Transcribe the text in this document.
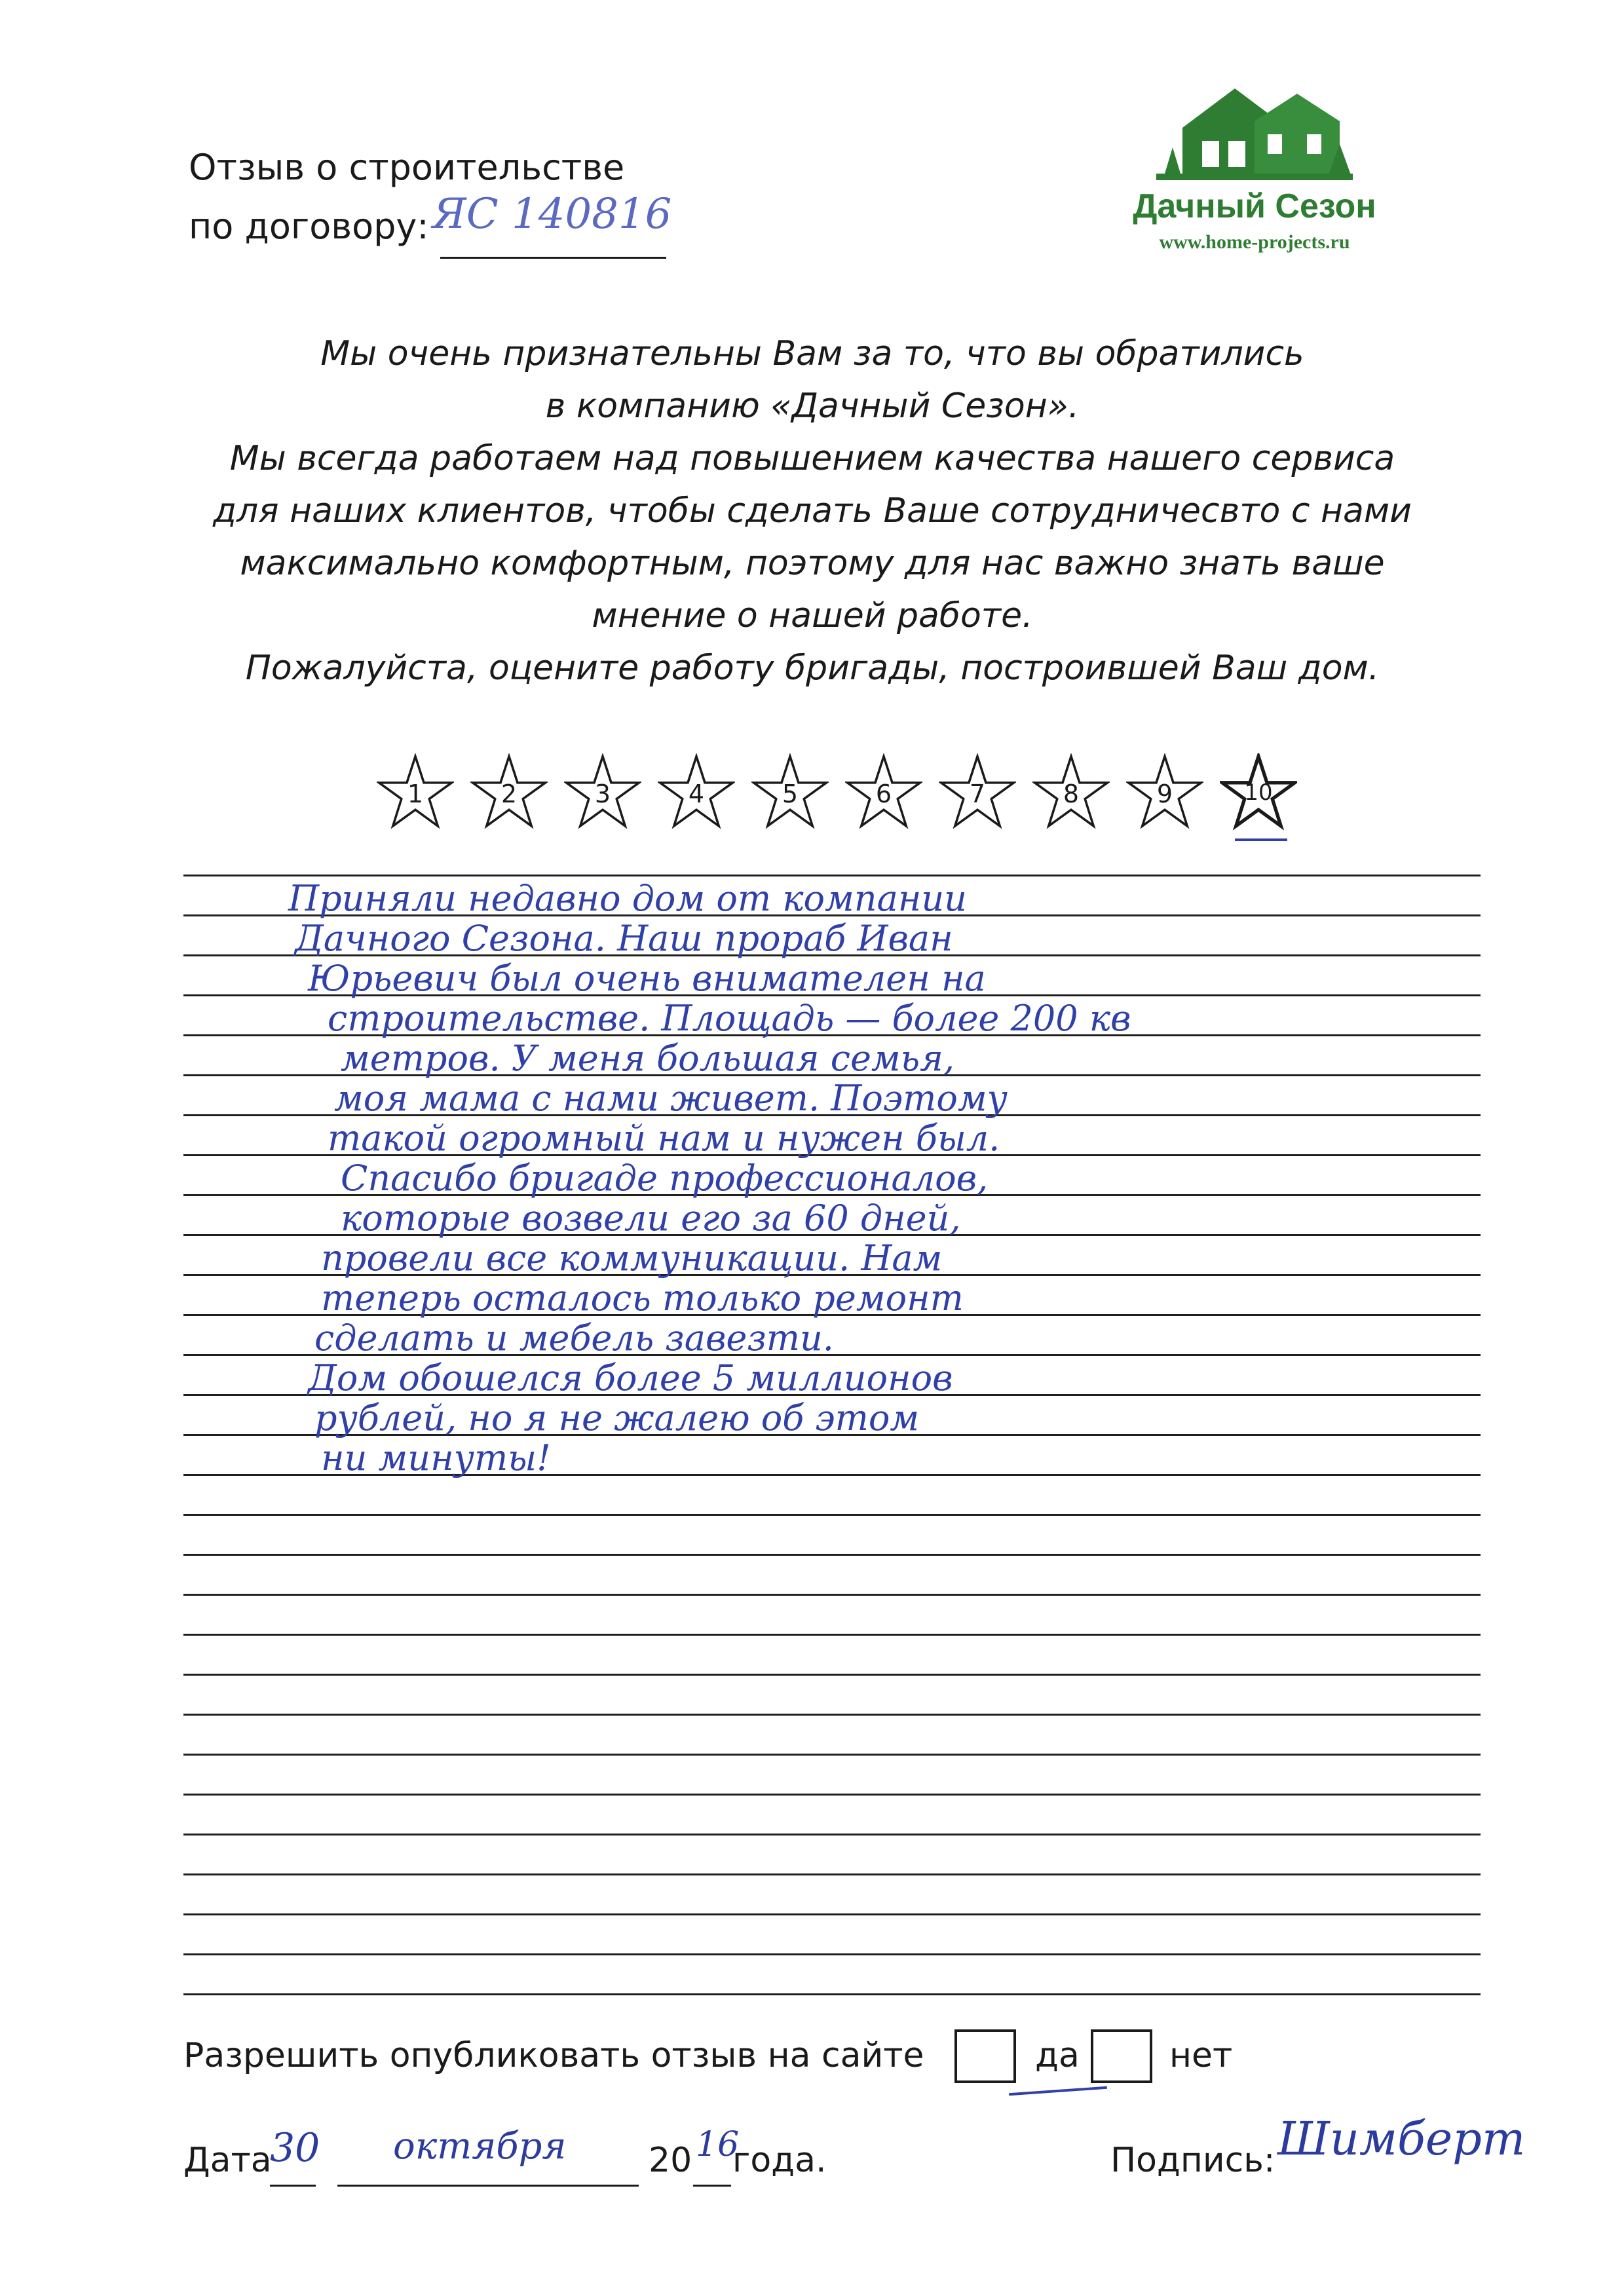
Отзыв о строительстве
по договору: ЯС 140816	Дачный Сезон
www.home-projects.ru
Мы очень признательны Вам за то, что вы обратились
в компанию «Дачный Сезон».
Мы всегда работаем над повышением качества нашего сервиса
для наших клиентов, чтобы сделать Ваше сотрудничесвто с нами
максимально комфортным, поэтому для нас важно знать ваше
мнение о нашей работе.
Пожалуйста, оцените работу бригады, построившей Ваш дом.
1	2	3	4	5	6	7	8	9	10
Приняли недавно дом от компании
Дачного Сезона. Наш прораб Иван
Юрьевич был очень внимателен на
строительстве. Площадь — более 200 кв
метров. У меня большая семья,
моя мама с нами живет. Поэтому
такой огромный нам и нужен был.
Спасибо бригаде профессионалов,
которые возвели его за 60 дней,
провели все коммуникации. Нам
теперь осталось только ремонт
сделать и мебель завезти.
Дом обошелся более 5 миллионов
рублей, но я не жалею об этом
ни минуты!
Разрешить опубликовать отзыв на сайте	да	нет
Дата
30 октября 20 16
года.	Подпись: Шимберт
